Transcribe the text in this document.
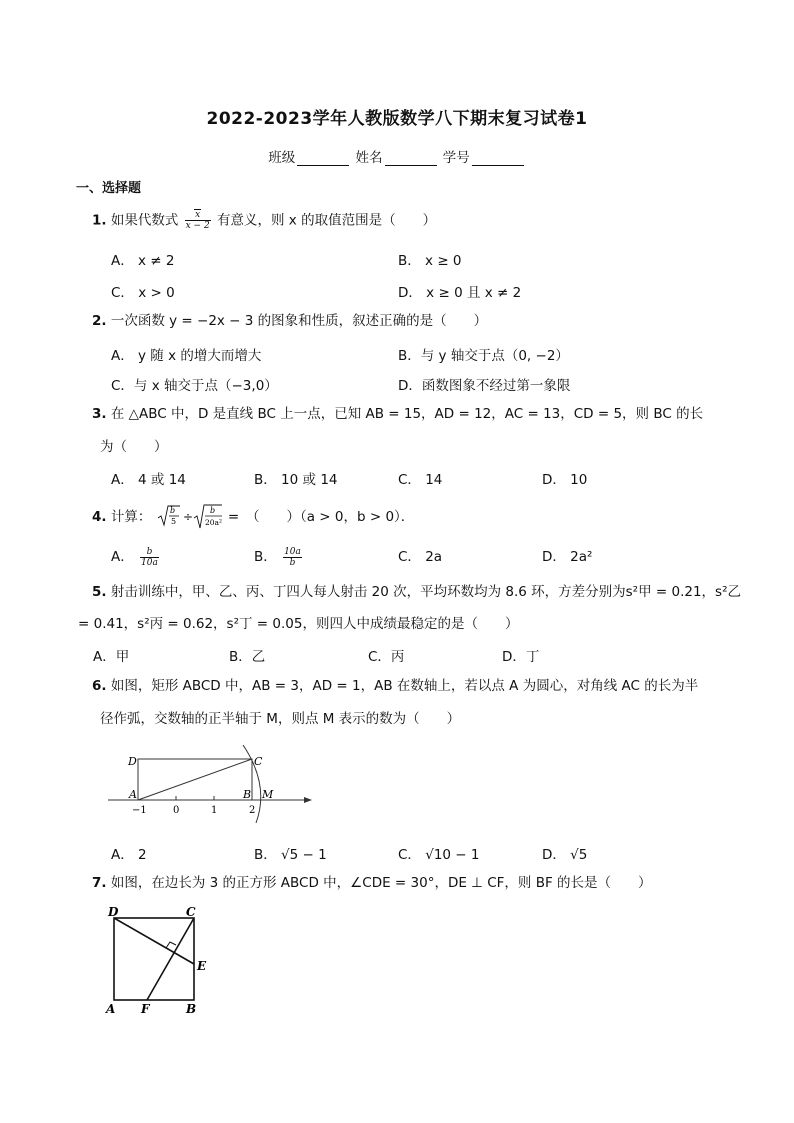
2022-2023学年人教版数学八下期末复习试卷1
班级	姓名	学号
一、选择题
1. 如果代数式 $\frac{x}{x - 2}$ 有意义，则 x 的取值范围是（　　）
A． x ≠ 2	B． x ≥ 0
C． x > 0	D． x ≥ 0 且 x ≠ 2
2. 一次函数 y = −2x − 3 的图象和性质，叙述正确的是（　　）
A． y 随 x 的增大而增大	B．与 y 轴交于点（0, −2）
C．与 x 轴交于点（−3,0）	D．函数图象不经过第一象限
3. 在 △ABC 中，D 是直线 BC 上一点，已知 AB = 15，AD = 12，AC = 13，CD = 5，则 BC 的长
为（　　）
A． 4 或 14	B． 10 或 14	C． 14	D． 10
4. 计算： b
5 ÷ b
20a² =　（　　）（a > 0，b > 0）．
A． $\frac{b}{10a}$	B． $\frac{10a}{b}$	C． 2a	D． 2a²
5. 射击训练中，甲、乙、丙、丁四人每人射击 20 次，平均环数均为 8.6 环，方差分别为s²甲 = 0.21，s²乙
= 0.41，s²丙 = 0.62，s²丁 = 0.05，则四人中成绩最稳定的是（　　）
A．甲	B．乙	C．丙	D．丁
6. 如图，矩形 ABCD 中，AB = 3，AD = 1，AB 在数轴上，若以点 A 为圆心，对角线 AC 的长为半
径作弧，交数轴的正半轴于 M，则点 M 表示的数为（　　）
D	C
A	B M
−1	0	1	2
A． 2	B． √5 − 1	C． √10 − 1	D． √5
7. 如图，在边长为 3 的正方形 ABCD 中，∠CDE = 30°，DE ⊥ CF，则 BF 的长是（　　）
D	C
E
A F	B
